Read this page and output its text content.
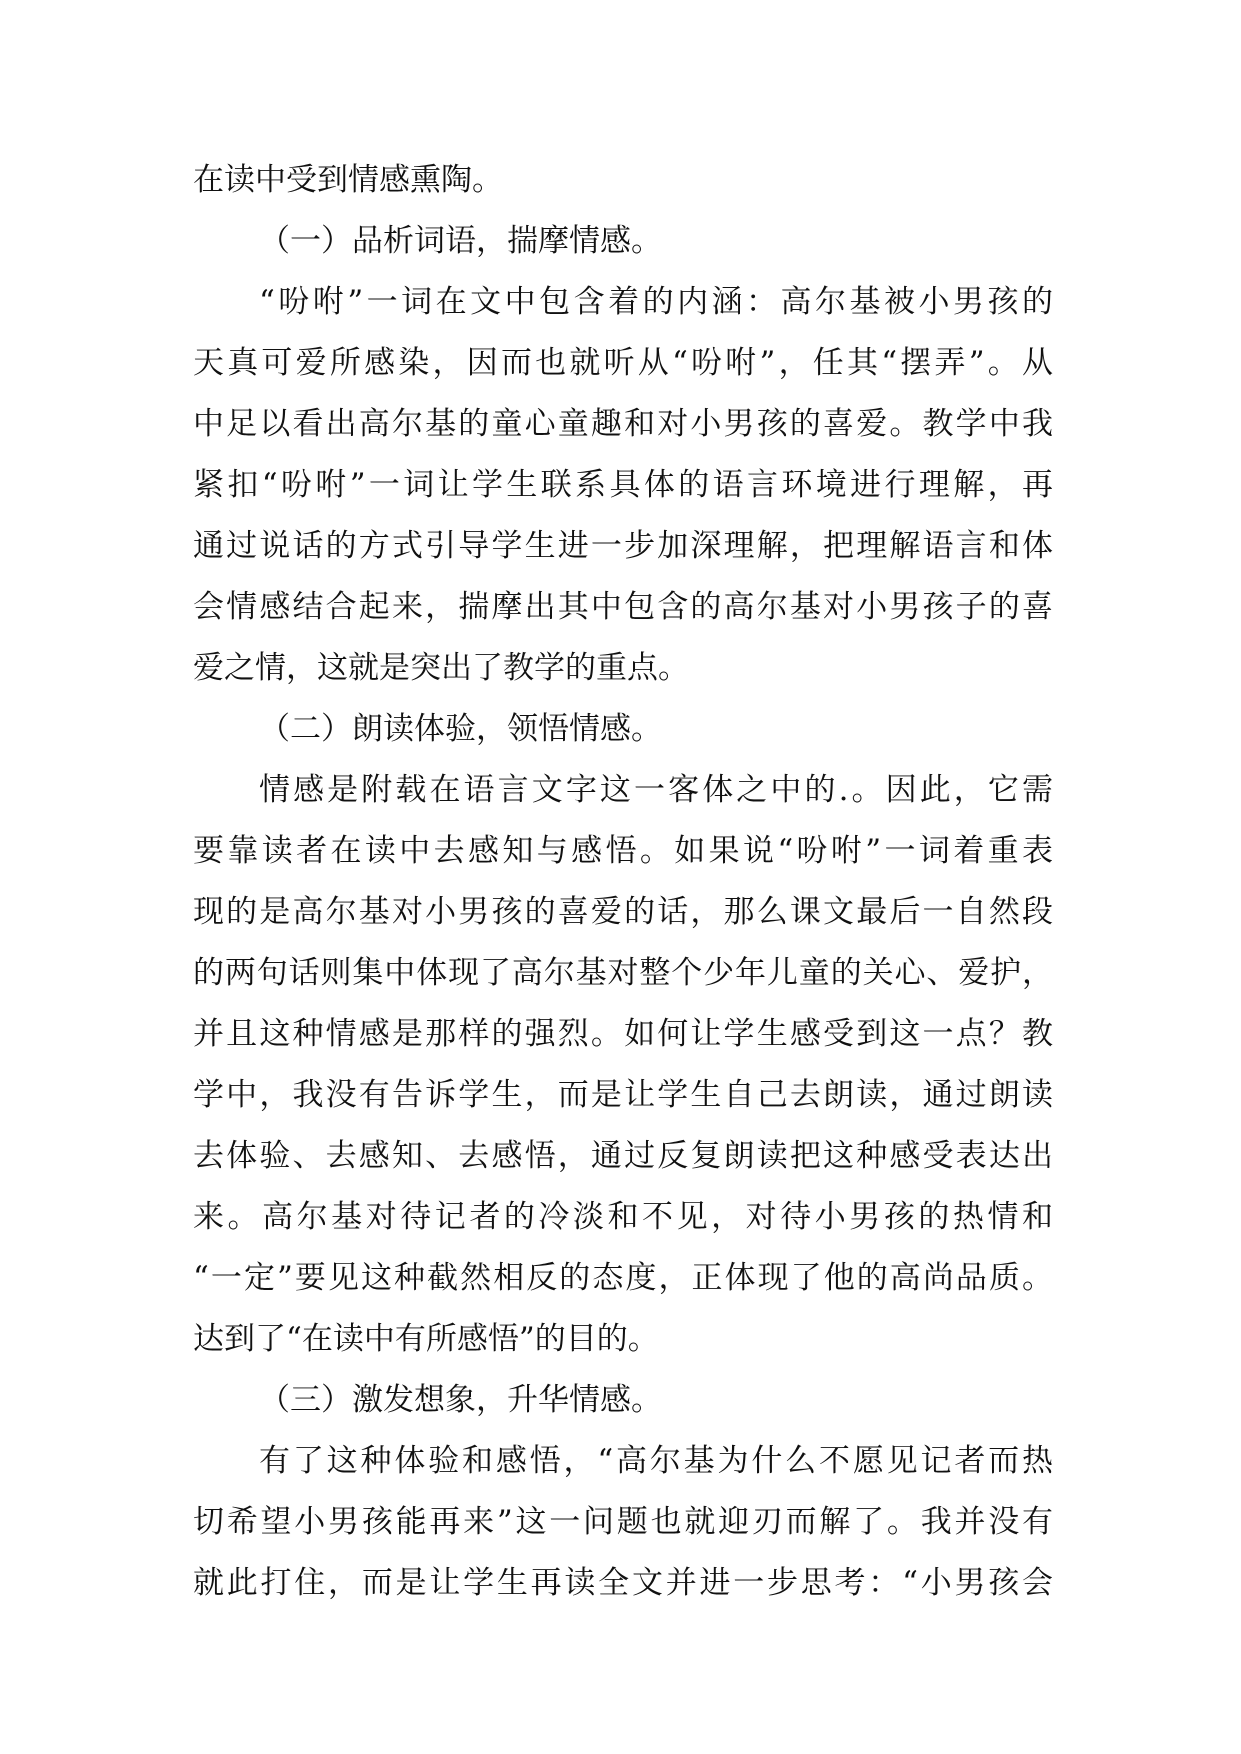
在读中受到情感熏陶。
（一）品析词语，揣摩情感。
“吩咐”一词在文中包含着的内涵：高尔基被小男孩的
天真可爱所感染，因而也就听从“吩咐”，任其“摆弄”。从
中足以看出高尔基的童心童趣和对小男孩的喜爱。教学中我
紧扣“吩咐”一词让学生联系具体的语言环境进行理解，再
通过说话的方式引导学生进一步加深理解，把理解语言和体
会情感结合起来，揣摩出其中包含的高尔基对小男孩子的喜
爱之情，这就是突出了教学的重点。
（二）朗读体验，领悟情感。
情感是附载在语言文字这一客体之中的.。因此，它需
要靠读者在读中去感知与感悟。如果说“吩咐”一词着重表
现的是高尔基对小男孩的喜爱的话，那么课文最后一自然段
的两句话则集中体现了高尔基对整个少年儿童的关心、爱护，
并且这种情感是那样的强烈。如何让学生感受到这一点？教
学中，我没有告诉学生，而是让学生自己去朗读，通过朗读
去体验、去感知、去感悟，通过反复朗读把这种感受表达出
来。高尔基对待记者的冷淡和不见，对待小男孩的热情和
“一定”要见这种截然相反的态度，正体现了他的高尚品质。
达到了“在读中有所感悟”的目的。
（三）激发想象，升华情感。
有了这种体验和感悟，“高尔基为什么不愿见记者而热
切希望小男孩能再来”这一问题也就迎刃而解了。我并没有
就此打住，而是让学生再读全文并进一步思考：“小男孩会
